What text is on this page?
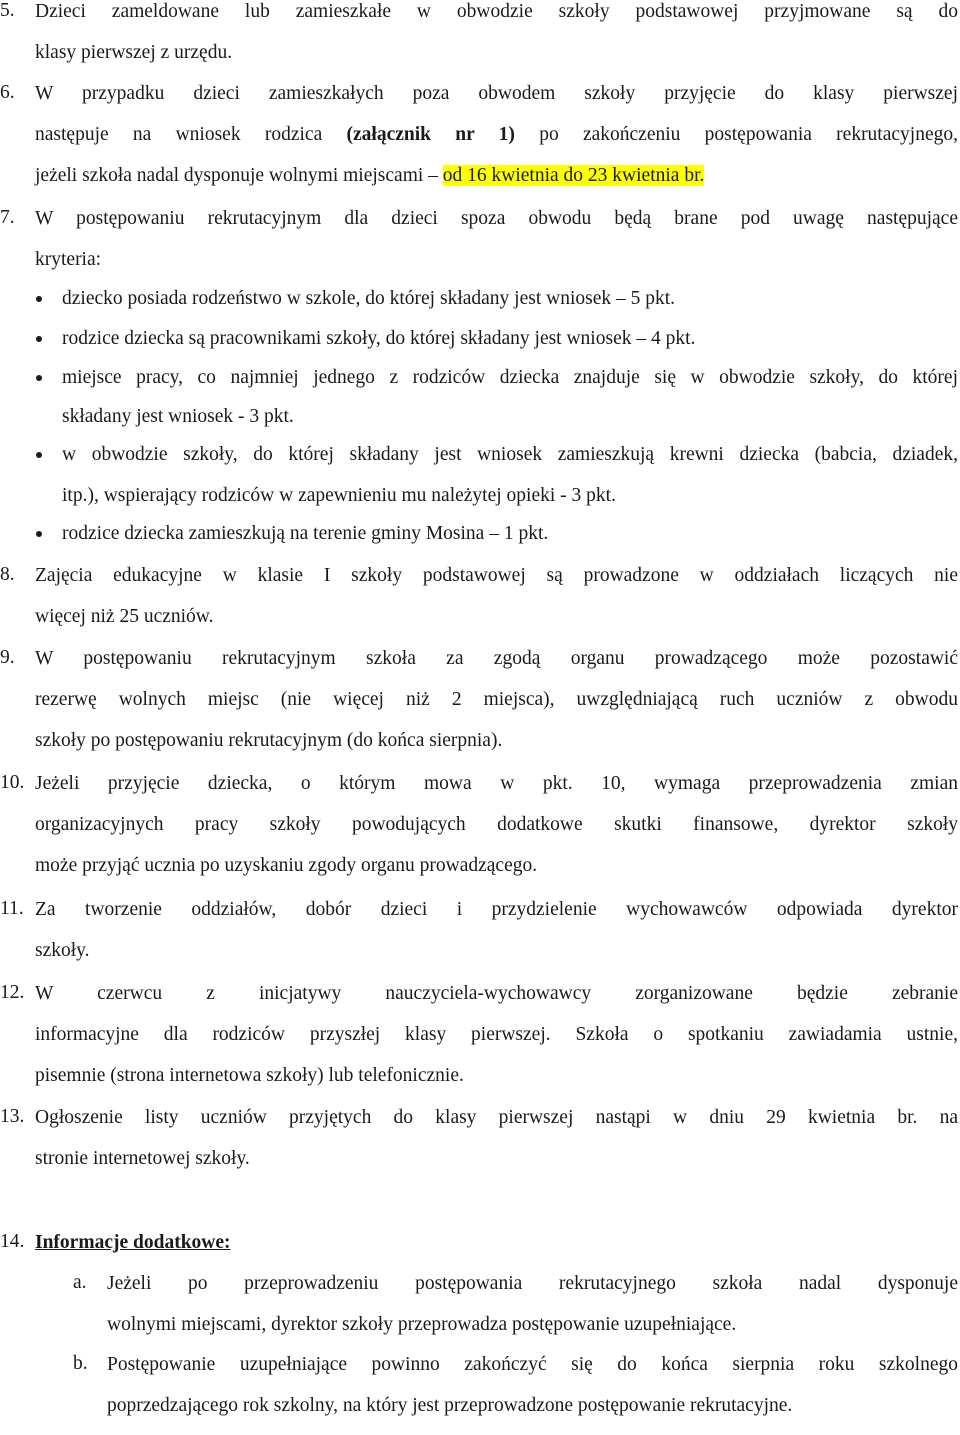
5. Dzieci zameldowane lub zamieszkałe w obwodzie szkoły podstawowej przyjmowane są do
klasy pierwszej z urzędu.
6. W przypadku dzieci zamieszkałych poza obwodem szkoły przyjęcie do klasy pierwszej
następuje na wniosek rodzica (załącznik nr 1) po zakończeniu postępowania rekrutacyjnego,
jeżeli szkoła nadal dysponuje wolnymi miejscami – od 16 kwietnia do 23 kwietnia br.
7. W postępowaniu rekrutacyjnym dla dzieci spoza obwodu będą brane pod uwagę następujące
kryteria:
dziecko posiada rodzeństwo w szkole, do której składany jest wniosek – 5 pkt.
rodzice dziecka są pracownikami szkoły, do której składany jest wniosek – 4 pkt.
miejsce pracy, co najmniej jednego z rodziców dziecka znajduje się w obwodzie szkoły, do której
składany jest wniosek - 3 pkt.
w obwodzie szkoły, do której składany jest wniosek zamieszkują krewni dziecka (babcia, dziadek,
itp.), wspierający rodziców w zapewnieniu mu należytej opieki - 3 pkt.
rodzice dziecka zamieszkują na terenie gminy Mosina – 1 pkt.
8. Zajęcia edukacyjne w klasie I szkoły podstawowej są prowadzone w oddziałach liczących nie
więcej niż 25 uczniów.
9. W postępowaniu rekrutacyjnym szkoła za zgodą organu prowadzącego może pozostawić
rezerwę wolnych miejsc (nie więcej niż 2 miejsca), uwzględniającą ruch uczniów z obwodu
szkoły po postępowaniu rekrutacyjnym (do końca sierpnia).
10. Jeżeli przyjęcie dziecka, o którym mowa w pkt. 10, wymaga przeprowadzenia zmian
organizacyjnych pracy szkoły powodujących dodatkowe skutki finansowe, dyrektor szkoły
może przyjąć ucznia po uzyskaniu zgody organu prowadzącego.
11. Za tworzenie oddziałów, dobór dzieci i przydzielenie wychowawców odpowiada dyrektor
szkoły.
12. W czerwcu z inicjatywy nauczyciela-wychowawcy zorganizowane będzie zebranie
informacyjne dla rodziców przyszłej klasy pierwszej. Szkoła o spotkaniu zawiadamia ustnie,
pisemnie (strona internetowa szkoły) lub telefonicznie.
13. Ogłoszenie listy uczniów przyjętych do klasy pierwszej nastąpi w dniu 29 kwietnia br. na
stronie internetowej szkoły.
14. Informacje dodatkowe:
a. Jeżeli po przeprowadzeniu postępowania rekrutacyjnego szkoła nadal dysponuje
wolnymi miejscami, dyrektor szkoły przeprowadza postępowanie uzupełniające.
b. Postępowanie uzupełniające powinno zakończyć się do końca sierpnia roku szkolnego
poprzedzającego rok szkolny, na który jest przeprowadzone postępowanie rekrutacyjne.
